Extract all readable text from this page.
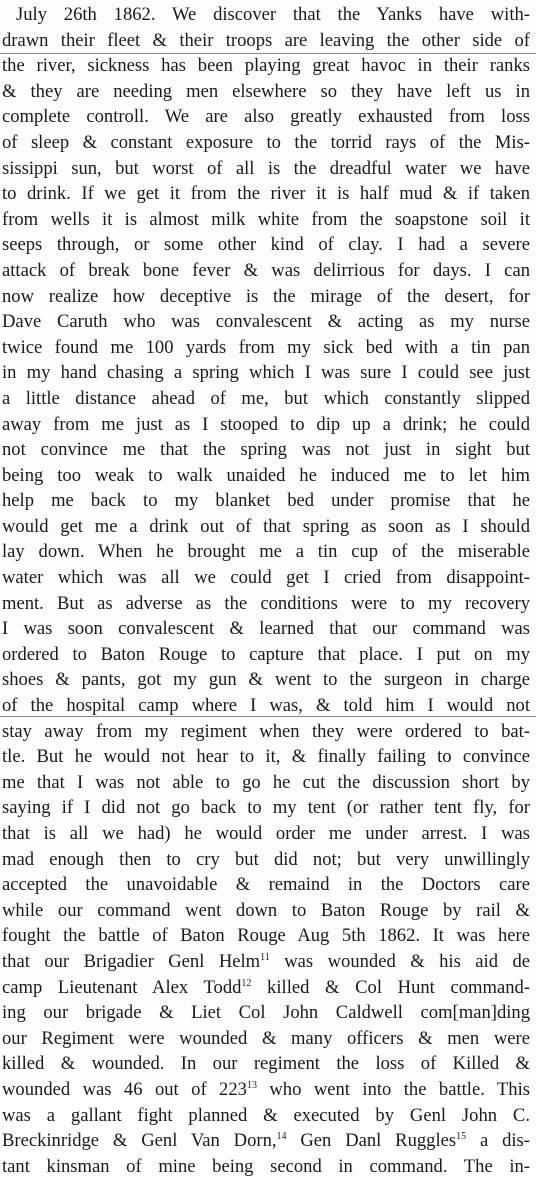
July 26th 1862. We discover that the Yanks have with-
drawn their fleet & their troops are leaving the other side of
the river, sickness has been playing great havoc in their ranks
& they are needing men elsewhere so they have left us in
complete controll. We are also greatly exhausted from loss
of sleep & constant exposure to the torrid rays of the Mis-
sissippi sun, but worst of all is the dreadful water we have
to drink. If we get it from the river it is half mud & if taken
from wells it is almost milk white from the soapstone soil it
seeps through, or some other kind of clay. I had a severe
attack of break bone fever & was delirrious for days. I can
now realize how deceptive is the mirage of the desert, for
Dave Caruth who was convalescent & acting as my nurse
twice found me 100 yards from my sick bed with a tin pan
in my hand chasing a spring which I was sure I could see just
a little distance ahead of me, but which constantly slipped
away from me just as I stooped to dip up a drink; he could
not convince me that the spring was not just in sight but
being too weak to walk unaided he induced me to let him
help me back to my blanket bed under promise that he
would get me a drink out of that spring as soon as I should
lay down. When he brought me a tin cup of the miserable
water which was all we could get I cried from disappoint-
ment. But as adverse as the conditions were to my recovery
I was soon convalescent & learned that our command was
ordered to Baton Rouge to capture that place. I put on my
shoes & pants, got my gun & went to the surgeon in charge
of the hospital camp where I was, & told him I would not
stay away from my regiment when they were ordered to bat-
tle. But he would not hear to it, & finally failing to convince
me that I was not able to go he cut the discussion short by
saying if I did not go back to my tent (or rather tent fly, for
that is all we had) he would order me under arrest. I was
mad enough then to cry but did not; but very unwillingly
accepted the unavoidable & remaind in the Doctors care
while our command went down to Baton Rouge by rail &
fought the battle of Baton Rouge Aug 5th 1862. It was here
that our Brigadier Genl Helm$^{11}$ was wounded & his aid de
camp Lieutenant Alex Todd$^{12}$ killed & Col Hunt command-
ing our brigade & Liet Col John Caldwell com[man]ding
our Regiment were wounded & many officers & men were
killed & wounded. In our regiment the loss of Killed &
wounded was 46 out of $223^{13}$ who went into the battle. This
was a gallant fight planned & executed by Genl John C.
Breckinridge & Genl Van Dorn,$^{14}$ Gen Danl Ruggles$^{15}$ a dis-
tant kinsman of mine being second in command. The in-
